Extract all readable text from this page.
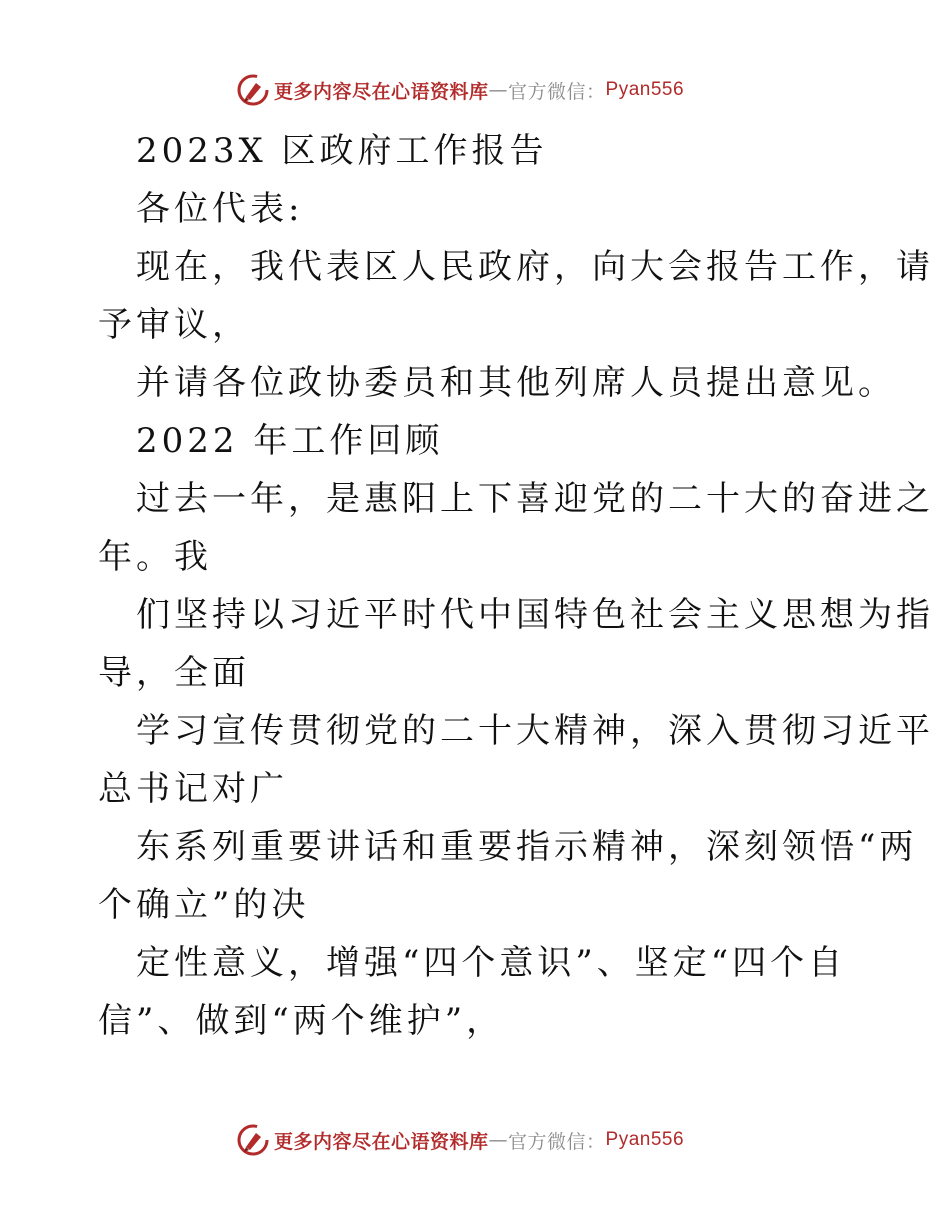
更多内容尽在心语资料库 — 官方微信： Pyan556
2023X 区政府工作报告
各位代表:
现在，我代表区人民政府，向大会报告工作，请
予审议，
并请各位政协委员和其他列席人员提出意见。
2022 年工作回顾
过去一年，是惠阳上下喜迎党的二十大的奋进之
年。我
们坚持以习近平时代中国特色社会主义思想为指
导，全面
学习宣传贯彻党的二十大精神，深入贯彻习近平
总书记对广
东系列重要讲话和重要指示精神，深刻领悟“两
个确立”的决
定性意义，增强“四个意识”、坚定“四个自
信”、做到“两个维护”，
更多内容尽在心语资料库 — 官方微信： Pyan556
